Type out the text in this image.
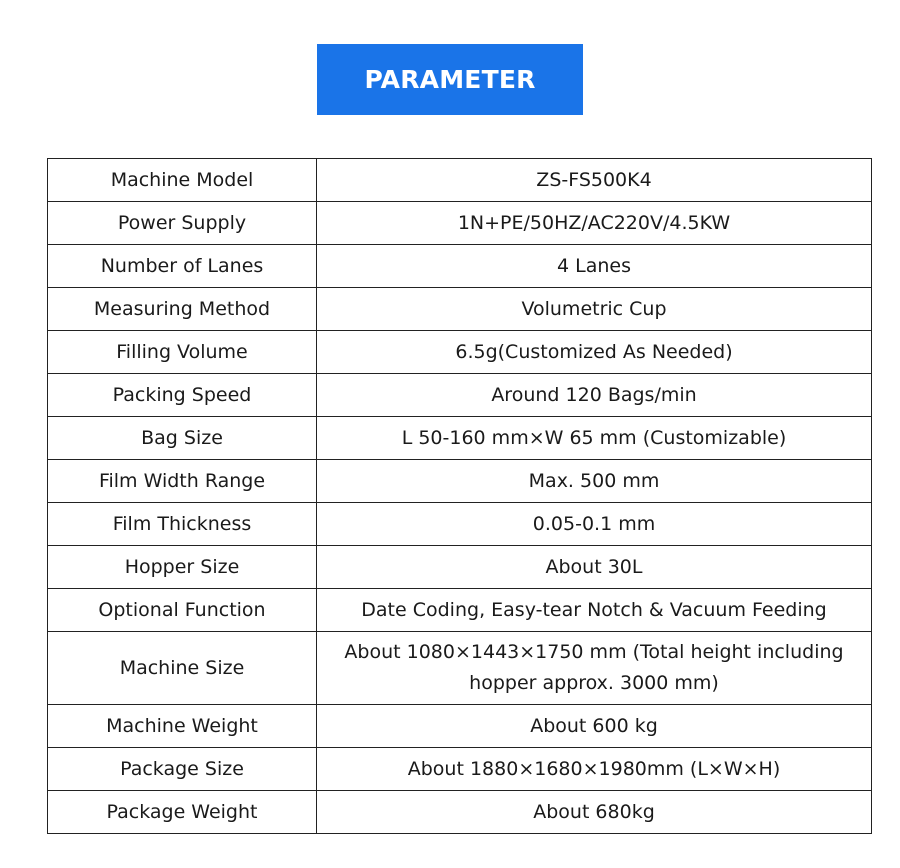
PARAMETER
Machine Model	ZS-FS500K4
Power Supply	1N+PE/50HZ/AC220V/4.5KW
Number of Lanes	4 Lanes
Measuring Method	Volumetric Cup
Filling Volume	6.5g(Customized As Needed)
Packing Speed	Around 120 Bags/min
Bag Size	L 50-160 mm×W 65 mm (Customizable)
Film Width Range	Max. 500 mm
Film Thickness	0.05-0.1 mm
Hopper Size	About 30L
Optional Function	Date Coding, Easy-tear Notch & Vacuum Feeding
Machine Size	About 1080×1443×1750 mm (Total height including hopper approx. 3000 mm)
Machine Weight	About 600 kg
Package Size	About 1880×1680×1980mm (L×W×H)
Package Weight	About 680kg
